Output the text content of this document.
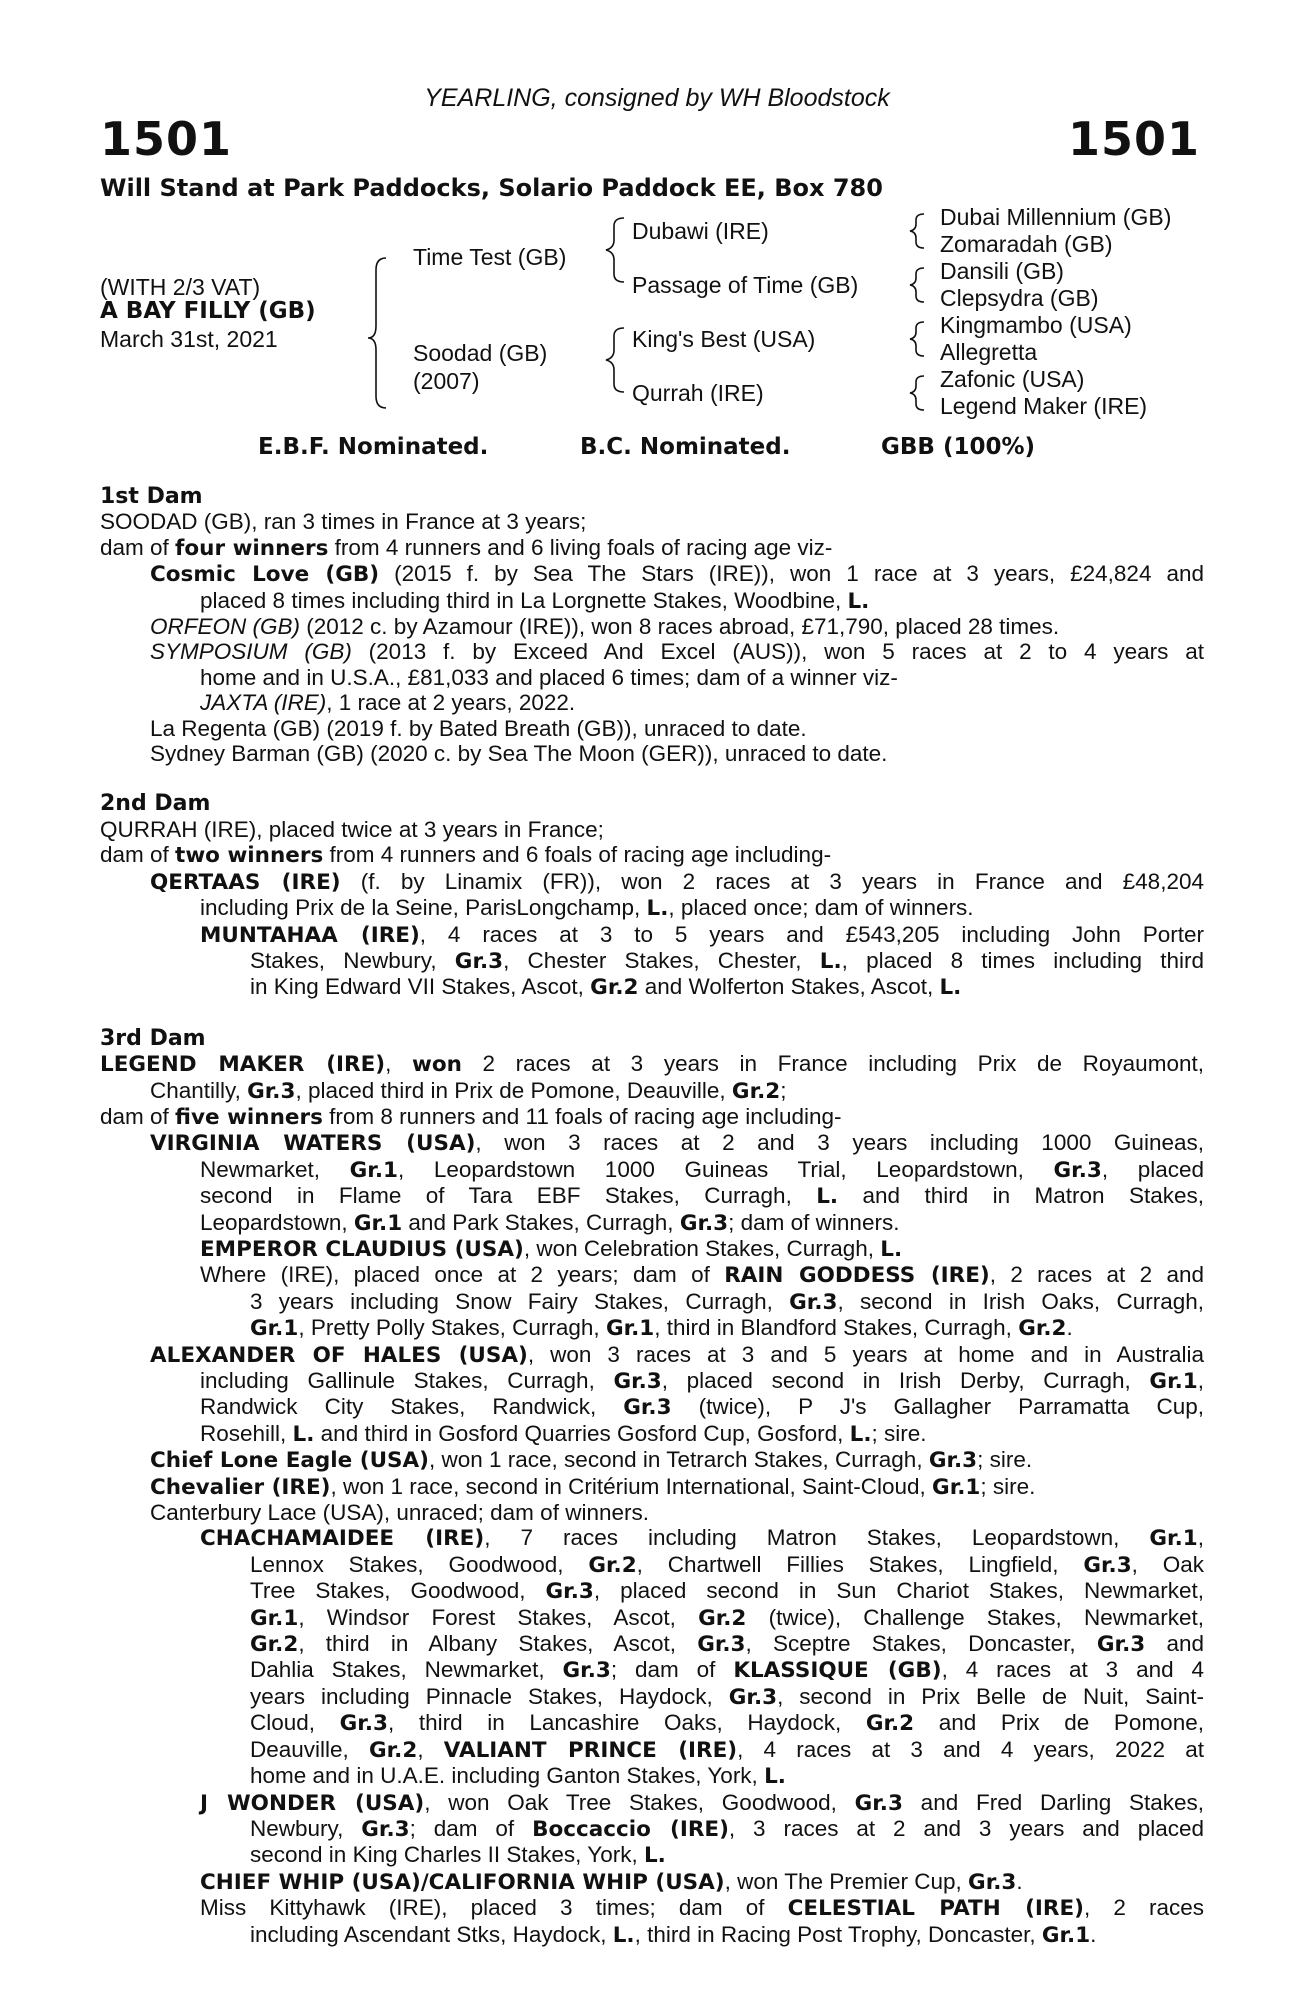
YEARLING, consigned by WH Bloodstock
1501	1501
Will Stand at Park Paddocks, Solario Paddock EE, Box 780
(WITH 2/3 VAT)
A BAY FILLY (GB)
March 31st, 2021
Time Test (GB)
Soodad (GB)
(2007)
Dubawi (IRE)
Passage of Time (GB)
King's Best (USA)
Qurrah (IRE)
Dubai Millennium (GB)
Zomaradah (GB)
Dansili (GB)
Clepsydra (GB)
Kingmambo (USA)
Allegretta
Zafonic (USA)
Legend Maker (IRE)
E.B.F. Nominated.	B.C. Nominated.	GBB (100%)
1st Dam
SOODAD (GB), ran 3 times in France at 3 years;
dam of four winners from 4 runners and 6 living foals of racing age viz-
Cosmic Love (GB) (2015 f. by Sea The Stars (IRE)), won 1 race at 3 years, £24,824 and
placed 8 times including third in La Lorgnette Stakes, Woodbine, L.
ORFEON (GB) (2012 c. by Azamour (IRE)), won 8 races abroad, £71,790, placed 28 times.
SYMPOSIUM (GB) (2013 f. by Exceed And Excel (AUS)), won 5 races at 2 to 4 years at
home and in U.S.A., £81,033 and placed 6 times; dam of a winner viz-
JAXTA (IRE), 1 race at 2 years, 2022.
La Regenta (GB) (2019 f. by Bated Breath (GB)), unraced to date.
Sydney Barman (GB) (2020 c. by Sea The Moon (GER)), unraced to date.
2nd Dam
QURRAH (IRE), placed twice at 3 years in France;
dam of two winners from 4 runners and 6 foals of racing age including-
QERTAAS (IRE) (f. by Linamix (FR)), won 2 races at 3 years in France and £48,204
including Prix de la Seine, ParisLongchamp, L., placed once; dam of winners.
MUNTAHAA (IRE), 4 races at 3 to 5 years and £543,205 including John Porter
Stakes, Newbury, Gr.3, Chester Stakes, Chester, L., placed 8 times including third
in King Edward VII Stakes, Ascot, Gr.2 and Wolferton Stakes, Ascot, L.
3rd Dam
LEGEND MAKER (IRE), won 2 races at 3 years in France including Prix de Royaumont,
Chantilly, Gr.3, placed third in Prix de Pomone, Deauville, Gr.2;
dam of five winners from 8 runners and 11 foals of racing age including-
VIRGINIA WATERS (USA), won 3 races at 2 and 3 years including 1000 Guineas,
Newmarket, Gr.1, Leopardstown 1000 Guineas Trial, Leopardstown, Gr.3, placed
second in Flame of Tara EBF Stakes, Curragh, L. and third in Matron Stakes,
Leopardstown, Gr.1 and Park Stakes, Curragh, Gr.3; dam of winners.
EMPEROR CLAUDIUS (USA), won Celebration Stakes, Curragh, L.
Where (IRE), placed once at 2 years; dam of RAIN GODDESS (IRE), 2 races at 2 and
3 years including Snow Fairy Stakes, Curragh, Gr.3, second in Irish Oaks, Curragh,
Gr.1, Pretty Polly Stakes, Curragh, Gr.1, third in Blandford Stakes, Curragh, Gr.2.
ALEXANDER OF HALES (USA), won 3 races at 3 and 5 years at home and in Australia
including Gallinule Stakes, Curragh, Gr.3, placed second in Irish Derby, Curragh, Gr.1,
Randwick City Stakes, Randwick, Gr.3 (twice), P J's Gallagher Parramatta Cup,
Rosehill, L. and third in Gosford Quarries Gosford Cup, Gosford, L.; sire.
Chief Lone Eagle (USA), won 1 race, second in Tetrarch Stakes, Curragh, Gr.3; sire.
Chevalier (IRE), won 1 race, second in Critérium International, Saint-Cloud, Gr.1; sire.
Canterbury Lace (USA), unraced; dam of winners.
CHACHAMAIDEE (IRE), 7 races including Matron Stakes, Leopardstown, Gr.1,
Lennox Stakes, Goodwood, Gr.2, Chartwell Fillies Stakes, Lingfield, Gr.3, Oak
Tree Stakes, Goodwood, Gr.3, placed second in Sun Chariot Stakes, Newmarket,
Gr.1, Windsor Forest Stakes, Ascot, Gr.2 (twice), Challenge Stakes, Newmarket,
Gr.2, third in Albany Stakes, Ascot, Gr.3, Sceptre Stakes, Doncaster, Gr.3 and
Dahlia Stakes, Newmarket, Gr.3; dam of KLASSIQUE (GB), 4 races at 3 and 4
years including Pinnacle Stakes, Haydock, Gr.3, second in Prix Belle de Nuit, Saint-
Cloud, Gr.3, third in Lancashire Oaks, Haydock, Gr.2 and Prix de Pomone,
Deauville, Gr.2, VALIANT PRINCE (IRE), 4 races at 3 and 4 years, 2022 at
home and in U.A.E. including Ganton Stakes, York, L.
J WONDER (USA), won Oak Tree Stakes, Goodwood, Gr.3 and Fred Darling Stakes,
Newbury, Gr.3; dam of Boccaccio (IRE), 3 races at 2 and 3 years and placed
second in King Charles II Stakes, York, L.
CHIEF WHIP (USA)/CALIFORNIA WHIP (USA), won The Premier Cup, Gr.3.
Miss Kittyhawk (IRE), placed 3 times; dam of CELESTIAL PATH (IRE), 2 races
including Ascendant Stks, Haydock, L., third in Racing Post Trophy, Doncaster, Gr.1.
